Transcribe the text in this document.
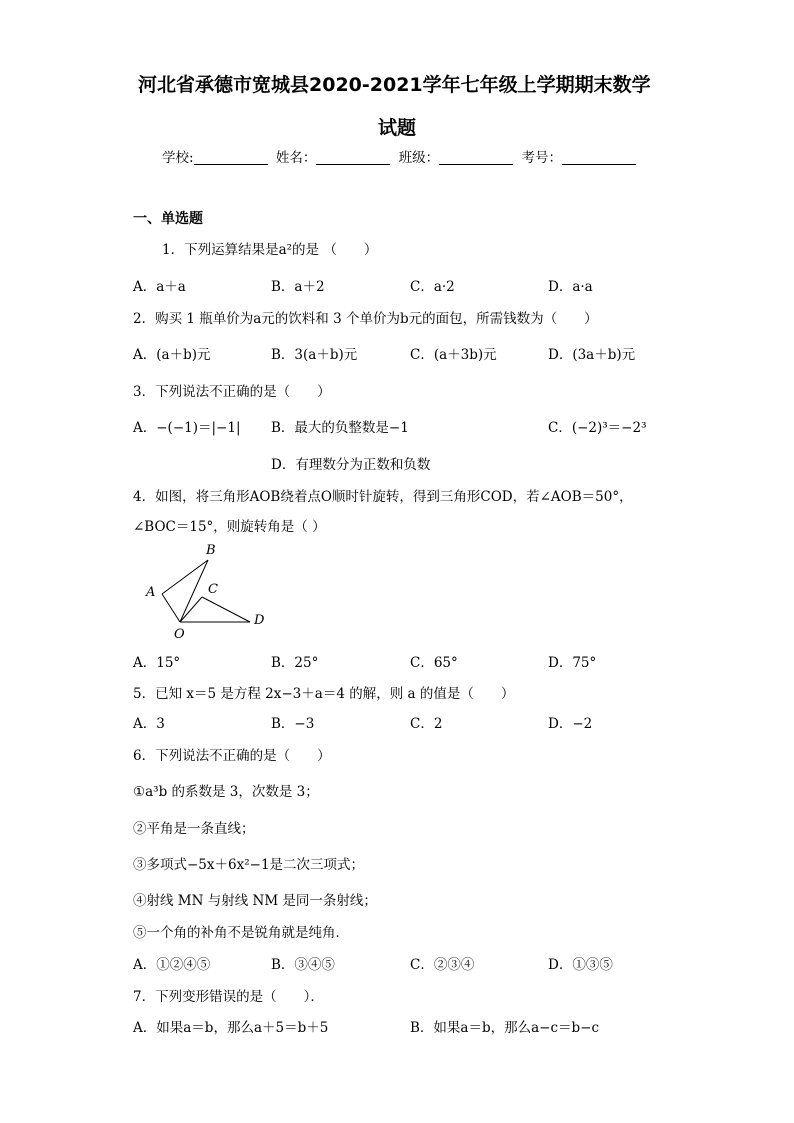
河北省承德市宽城县2020-2021学年七年级上学期期末数学
试题
学校:	姓名：	班级：	考号：
一、单选题
1．下列运算结果是a²的是 （　　）
A．a＋a	B．a＋2	C．a·2	D．a·a
2．购买 1 瓶单价为a元的饮料和 3 个单价为b元的面包，所需钱数为（　　）
A．(a＋b)元	B．3(a＋b)元	C．(a＋3b)元	D．(3a＋b)元
3．下列说法不正确的是（　　）
A．−(−1)＝|−1| B．最大的负整数是−1	C．(−2)³＝−2³
D．有理数分为正数和负数
4．如图，将三角形AOB绕着点O顺时针旋转，得到三角形COD，若∠AOB＝50°，
∠BOC＝15°，则旋转角是（ ）
B
A	C
D
O
A．15°	B．25°	C．65°	D．75°
5．已知 x＝5 是方程 2x−3＋a＝4 的解，则 a 的值是（　　）
A．3	B．−3	C．2	D．−2
6．下列说法不正确的是（　　）
①a³b 的系数是 3，次数是 3；
②平角是一条直线；
③多项式−5x＋6x²−1是二次三项式；
④射线 MN 与射线 NM 是同一条射线；
⑤一个角的补角不是锐角就是纯角．
A．①②④⑤	B．③④⑤	C．②③④	D．①③⑤
7．下列变形错误的是（　　）．
A．如果a＝b，那么a＋5＝b＋5	B．如果a＝b，那么a−c＝b−c
